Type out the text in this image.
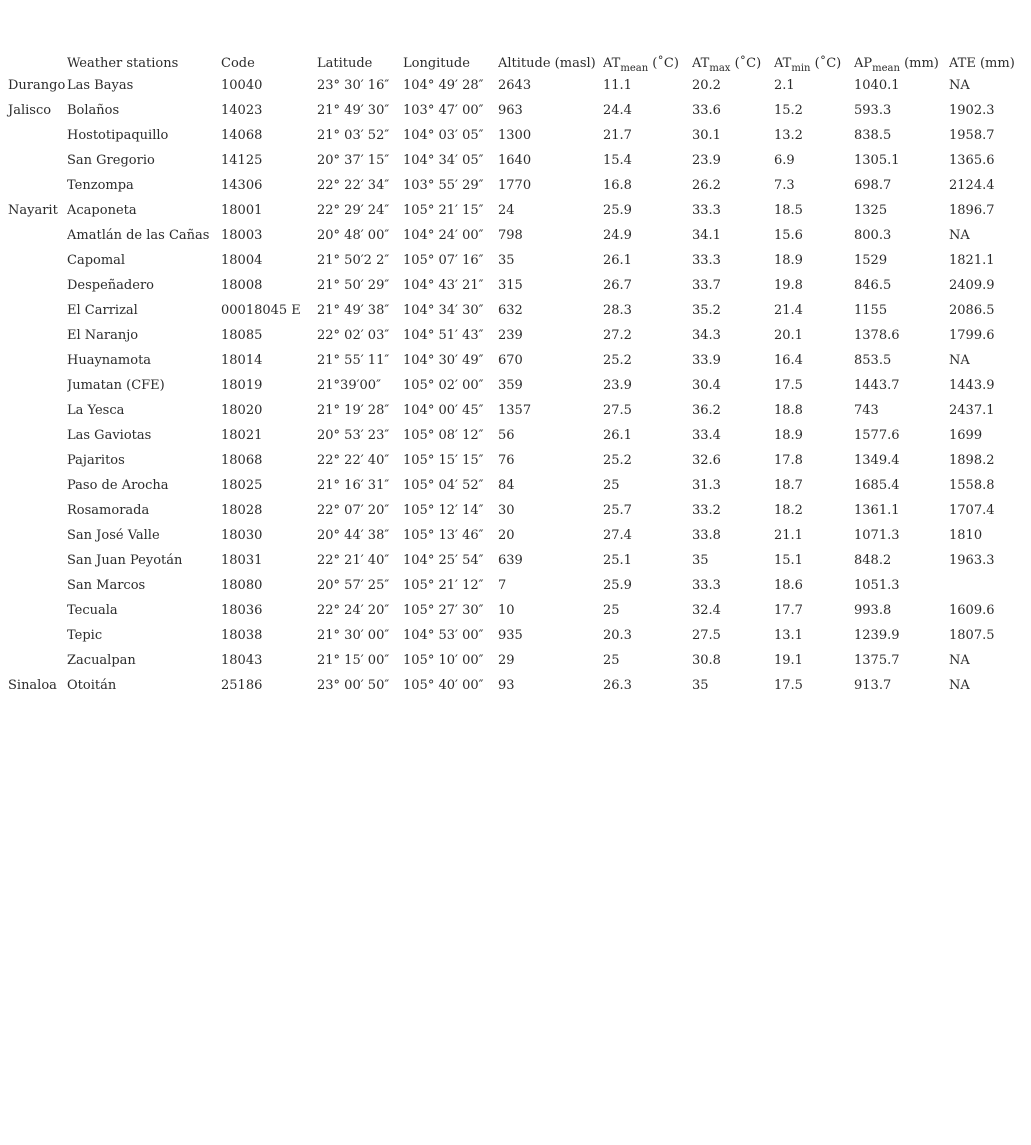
	Weather stations	Code	Latitude	Longitude	Altitude (masl)	$AT_{mean}$ (˚C)	$AT_{max}$ (˚C)	$AT_{min}$ (˚C)	$AP_{mean}$ (mm)	ATE (mm)
Durango	Las Bayas	10040	23° 30′ 16″	104° 49′ 28″	2643	11.1	20.2	2.1	1040.1	NA
Jalisco	Bolaños	14023	21° 49′ 30″	103° 47′ 00″	963	24.4	33.6	15.2	593.3	1902.3
	Hostotipaquillo	14068	21° 03′ 52″	104° 03′ 05″	1300	21.7	30.1	13.2	838.5	1958.7
	San Gregorio	14125	20° 37′ 15″	104° 34′ 05″	1640	15.4	23.9	6.9	1305.1	1365.6
	Tenzompa	14306	22° 22′ 34″	103° 55′ 29″	1770	16.8	26.2	7.3	698.7	2124.4
Nayarit	Acaponeta	18001	22° 29′ 24″	105° 21′ 15″	24	25.9	33.3	18.5	1325	1896.7
	Amatlán de las Cañas	18003	20° 48′ 00″	104° 24′ 00″	798	24.9	34.1	15.6	800.3	NA
	Capomal	18004	21° 50′2 2″	105° 07′ 16″	35	26.1	33.3	18.9	1529	1821.1
	Despeñadero	18008	21° 50′ 29″	104° 43′ 21″	315	26.7	33.7	19.8	846.5	2409.9
	El Carrizal	00018045 E	21° 49′ 38″	104° 34′ 30″	632	28.3	35.2	21.4	1155	2086.5
	El Naranjo	18085	22° 02′ 03″	104° 51′ 43″	239	27.2	34.3	20.1	1378.6	1799.6
	Huaynamota	18014	21° 55′ 11″	104° 30′ 49″	670	25.2	33.9	16.4	853.5	NA
	Jumatan (CFE)	18019	21°39′00″	105° 02′ 00″	359	23.9	30.4	17.5	1443.7	1443.9
	La Yesca	18020	21° 19′ 28″	104° 00′ 45″	1357	27.5	36.2	18.8	743	2437.1
	Las Gaviotas	18021	20° 53′ 23″	105° 08′ 12″	56	26.1	33.4	18.9	1577.6	1699
	Pajaritos	18068	22° 22′ 40″	105° 15′ 15″	76	25.2	32.6	17.8	1349.4	1898.2
	Paso de Arocha	18025	21° 16′ 31″	105° 04′ 52″	84	25	31.3	18.7	1685.4	1558.8
	Rosamorada	18028	22° 07′ 20″	105° 12′ 14″	30	25.7	33.2	18.2	1361.1	1707.4
	San José Valle	18030	20° 44′ 38″	105° 13′ 46″	20	27.4	33.8	21.1	1071.3	1810
	San Juan Peyotán	18031	22° 21′ 40″	104° 25′ 54″	639	25.1	35	15.1	848.2	1963.3
	San Marcos	18080	20° 57′ 25″	105° 21′ 12″	7	25.9	33.3	18.6	1051.3	
	Tecuala	18036	22° 24′ 20″	105° 27′ 30″	10	25	32.4	17.7	993.8	1609.6
	Tepic	18038	21° 30′ 00″	104° 53′ 00″	935	20.3	27.5	13.1	1239.9	1807.5
	Zacualpan	18043	21° 15′ 00″	105° 10′ 00″	29	25	30.8	19.1	1375.7	NA
Sinaloa	Otoitán	25186	23° 00′ 50″	105° 40′ 00″	93	26.3	35	17.5	913.7	NA
